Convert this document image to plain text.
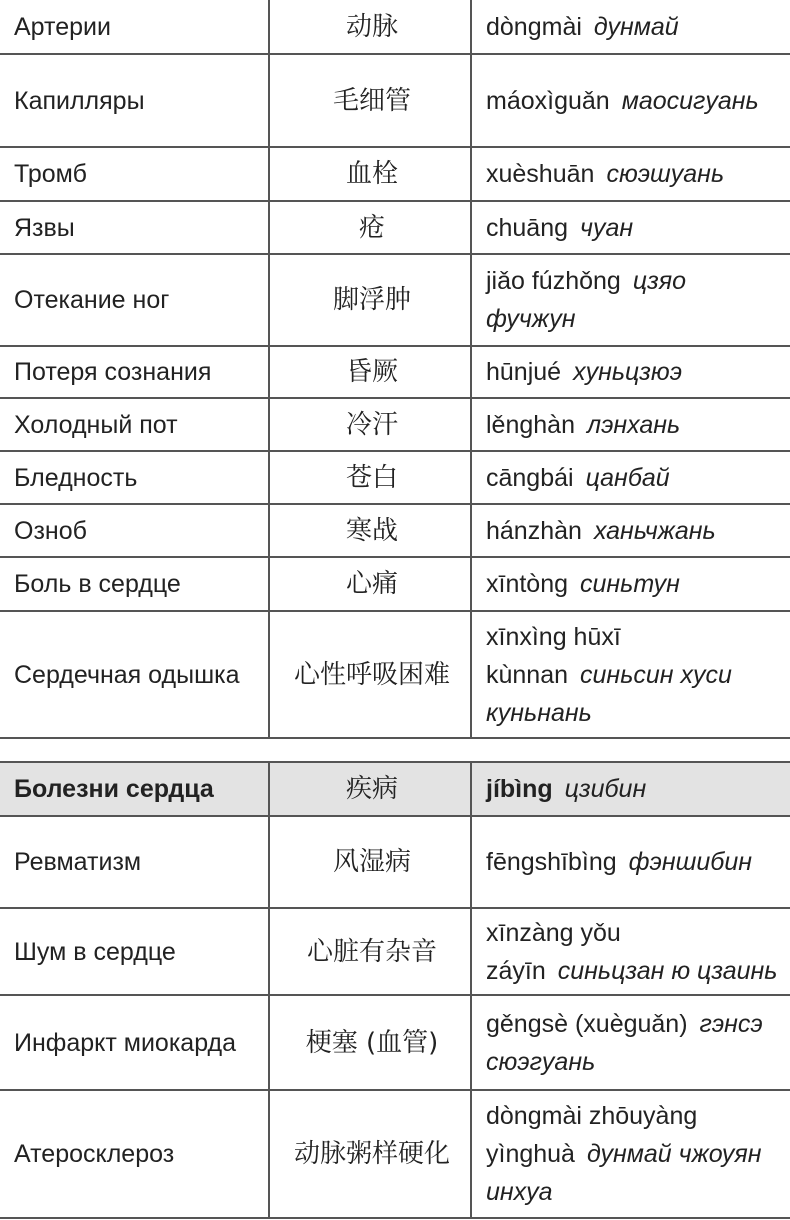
Артерии	动脉	dòngmài дунмай
Капилляры	毛细管	máoxìguǎn маосигуань
Тромб	血栓	xuèshuān сюэшуань
Язвы	疮	chuāng чуан
Отекание ног	脚浮肿	jiǎo fúzhǒng цзяо фучжун
Потеря сознания	昏厥	hūnjué хуньцзюэ
Холодный пот	冷汗	lěnghàn лэнхань
Бледность	苍白	cāngbái цанбай
Озноб	寒战	hánzhàn ханьчжань
Боль в сердце	心痛	xīntòng синьтун
Сердечная одышка	心性呼吸困难	xīnxìng hūxī kùnnan синьсин хуси куньнань
Болезни сердца	疾病	jíbìng цзибин
Ревматизм	风湿病	fēngshībìng фэншибин
Шум в сердце	心脏有杂音	xīnzàng yǒu záyīn синьцзан ю цзаинь
Инфаркт миокарда	梗塞 (血管)	gěngsè (xuèguǎn) гэнсэ сюэгуань
Атеросклероз	动脉粥样硬化	dòngmài zhōuyàng yìnghuà дунмай чжоуян инхуа
